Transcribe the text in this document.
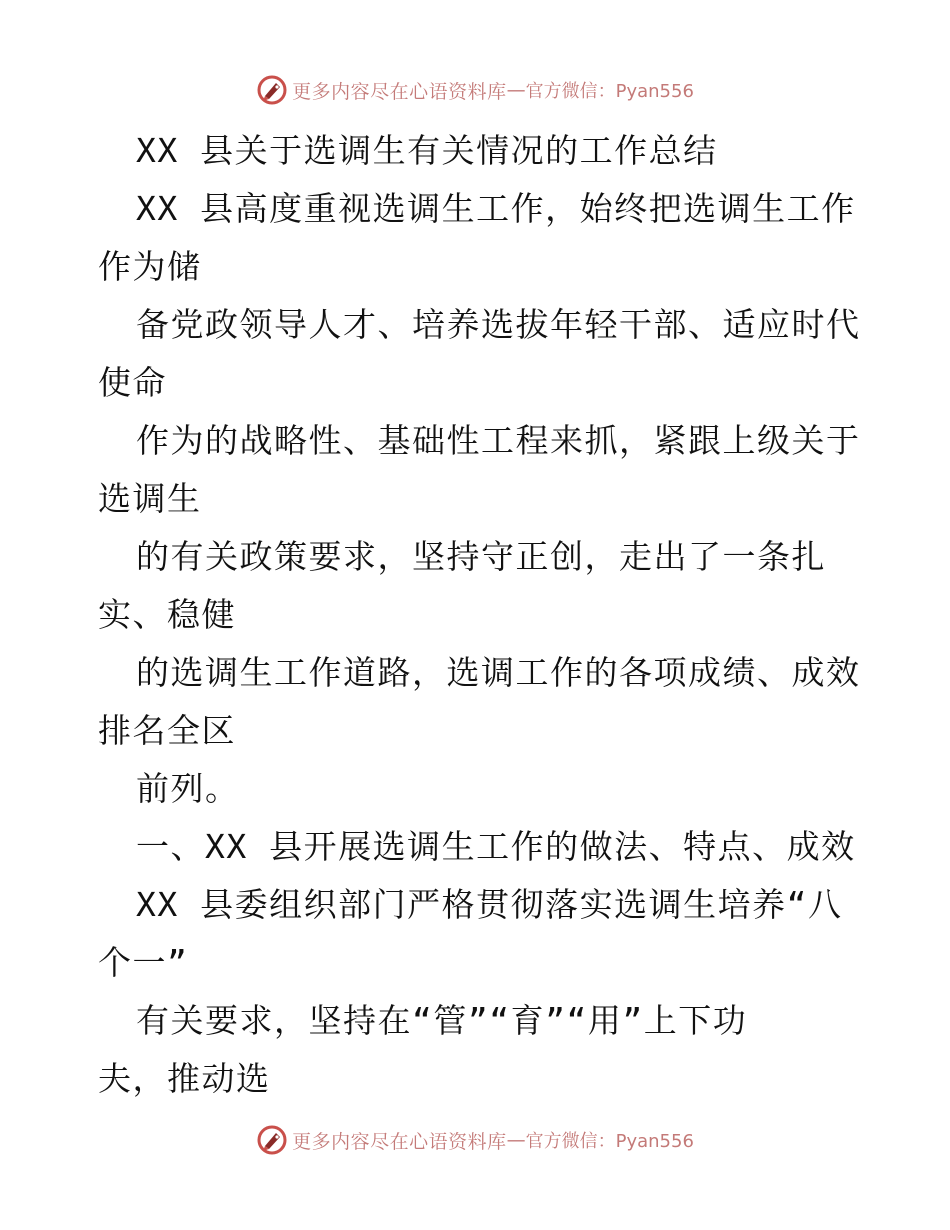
更多内容尽在心语资料库 — 官方微信：Pyan556
XX 县关于选调生有关情况的工作总结
XX 县高度重视选调生工作，始终把选调生工作
作为储
备党政领导人才、培养选拔年轻干部、适应时代
使命
作为的战略性、基础性工程来抓，紧跟上级关于
选调生
的有关政策要求，坚持守正创，走出了一条扎
实、稳健
的选调生工作道路，选调工作的各项成绩、成效
排名全区
前列。
一、XX 县开展选调生工作的做法、特点、成效
XX 县委组织部门严格贯彻落实选调生培养“八
个一”
有关要求，坚持在“管”“育”“用”上下功
夫，推动选
更多内容尽在心语资料库 — 官方微信：Pyan556
